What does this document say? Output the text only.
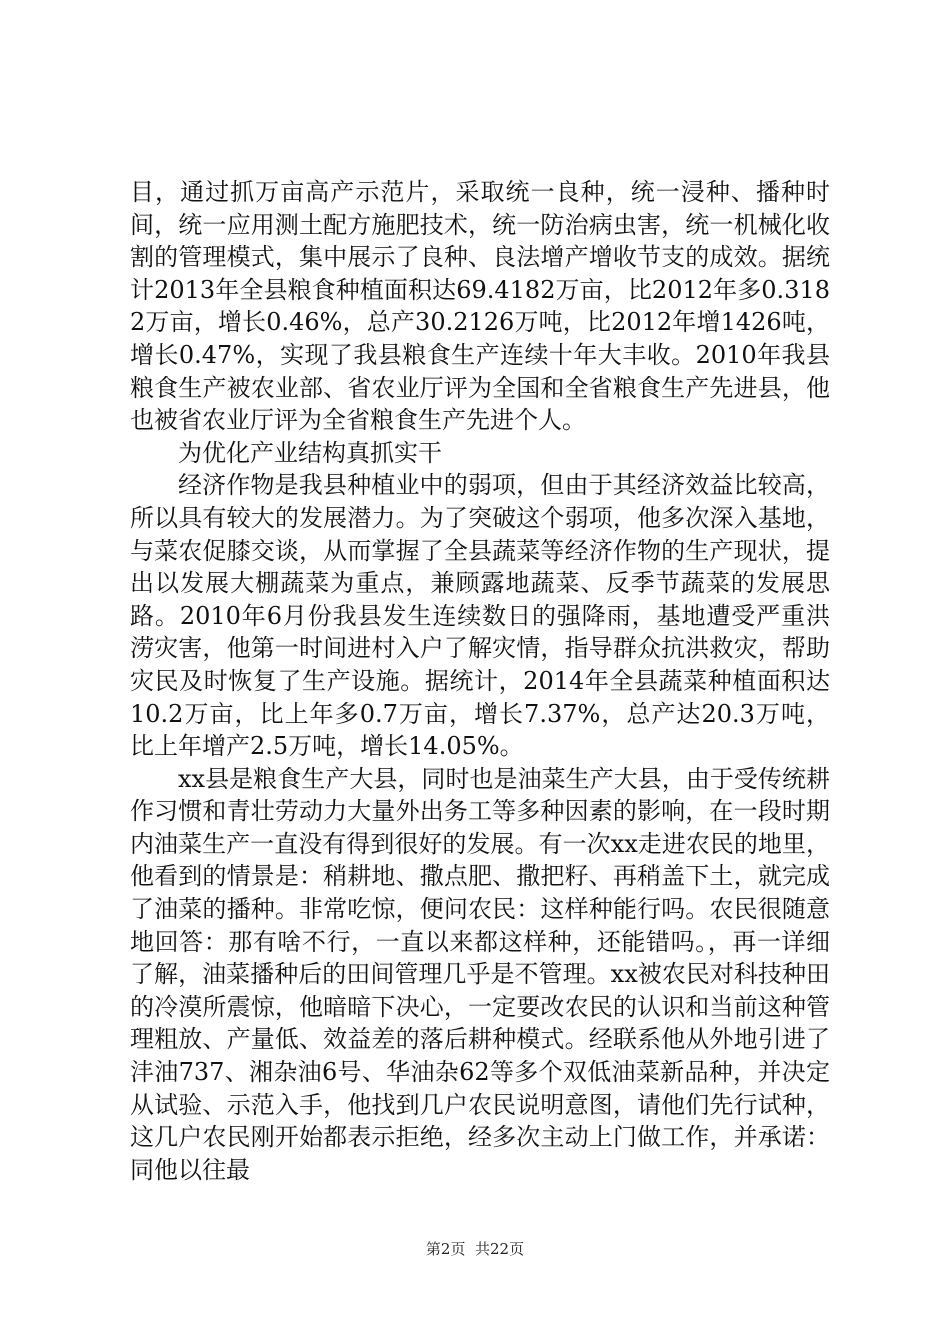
目，通过抓万亩高产示范片，采取统一良种，统一浸种、播种时间，统一应用测土配方施肥技术，统一防治病虫害，统一机械化收割的管理模式，集中展示了良种、良法增产增收节支的成效。据统计2013年全县粮食种植面积达69.4182万亩，比2012年多0.3182万亩，增长0.46%，总产30.2126万吨，比2012年增1426吨，增长0.47%，实现了我县粮食生产连续十年大丰收。2010年我县粮食生产被农业部、省农业厅评为全国和全省粮食生产先进县，他也被省农业厅评为全省粮食生产先进个人。

为优化产业结构真抓实干

经济作物是我县种植业中的弱项，但由于其经济效益比较高，所以具有较大的发展潜力。为了突破这个弱项，他多次深入基地，与菜农促膝交谈，从而掌握了全县蔬菜等经济作物的生产现状，提出以发展大棚蔬菜为重点，兼顾露地蔬菜、反季节蔬菜的发展思路。2010年6月份我县发生连续数日的强降雨，基地遭受严重洪涝灾害，他第一时间进村入户了解灾情，指导群众抗洪救灾，帮助灾民及时恢复了生产设施。据统计，2014年全县蔬菜种植面积达10.2万亩，比上年多0.7万亩，增长7.37%，总产达20.3万吨，比上年增产2.5万吨，增长14.05%。

xx县是粮食生产大县，同时也是油菜生产大县，由于受传统耕作习惯和青壮劳动力大量外出务工等多种因素的影响，在一段时期内油菜生产一直没有得到很好的发展。有一次xx走进农民的地里，他看到的情景是：稍耕地、撒点肥、撒把籽、再稍盖下土，就完成了油菜的播种。非常吃惊，便问农民：这样种能行吗。农民很随意地回答：那有啥不行，一直以来都这样种，还能错吗。，再一详细了解，油菜播种后的田间管理几乎是不管理。xx被农民对科技种田的冷漠所震惊，他暗暗下决心，一定要改农民的认识和当前这种管理粗放、产量低、效益差的落后耕种模式。经联系他从外地引进了沣油737、湘杂油6号、华油杂62等多个双低油菜新品种，并决定从试验、示范入手，他找到几户农民说明意图，请他们先行试种，这几户农民刚开始都表示拒绝，经多次主动上门做工作，并承诺：同他以往最

第2页 共22页
